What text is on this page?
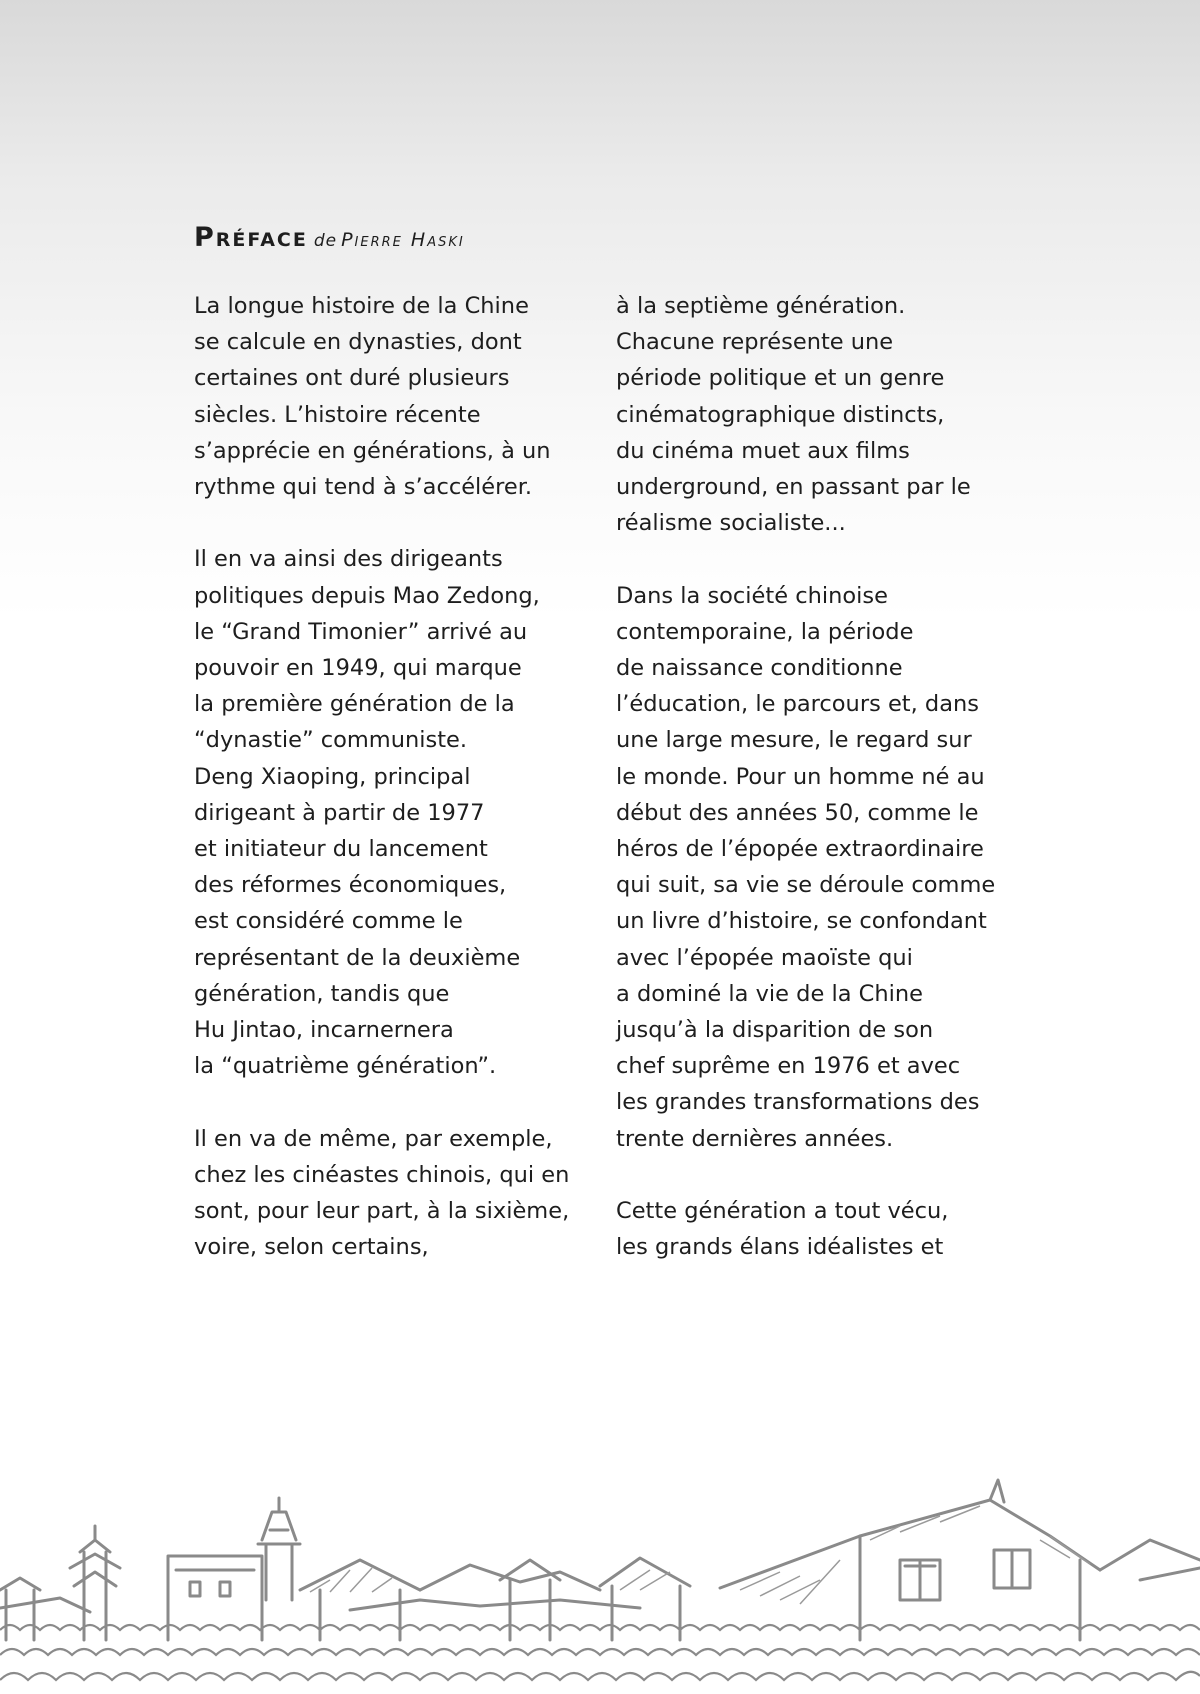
Préface de Pierre Haski

La longue histoire de la Chine
se calcule en dynasties, dont
certaines ont duré plusieurs
siècles. L’histoire récente
s’apprécie en générations, à un
rythme qui tend à s’accélérer.

Il en va ainsi des dirigeants
politiques depuis Mao Zedong,
le “Grand Timonier” arrivé au
pouvoir en 1949, qui marque
la première génération de la
“dynastie” communiste.
Deng Xiaoping, principal
dirigeant à partir de 1977
et initiateur du lancement
des réformes économiques,
est considéré comme le
représentant de la deuxième
génération, tandis que
Hu Jintao, incarnernera
la “quatrième génération”.

Il en va de même, par exemple,
chez les cinéastes chinois, qui en
sont, pour leur part, à la sixième,
voire, selon certains,

à la septième génération.
Chacune représente une
période politique et un genre
cinématographique distincts,
du cinéma muet aux films
underground, en passant par le
réalisme socialiste...

Dans la société chinoise
contemporaine, la période
de naissance conditionne
l’éducation, le parcours et, dans
une large mesure, le regard sur
le monde. Pour un homme né au
début des années 50, comme le
héros de l’épopée extraordinaire
qui suit, sa vie se déroule comme
un livre d’histoire, se confondant
avec l’épopée maoïste qui
a dominé la vie de la Chine
jusqu’à la disparition de son
chef suprême en 1976 et avec
les grandes transformations des
trente dernières années.

Cette génération a tout vécu,
les grands élans idéalistes et
